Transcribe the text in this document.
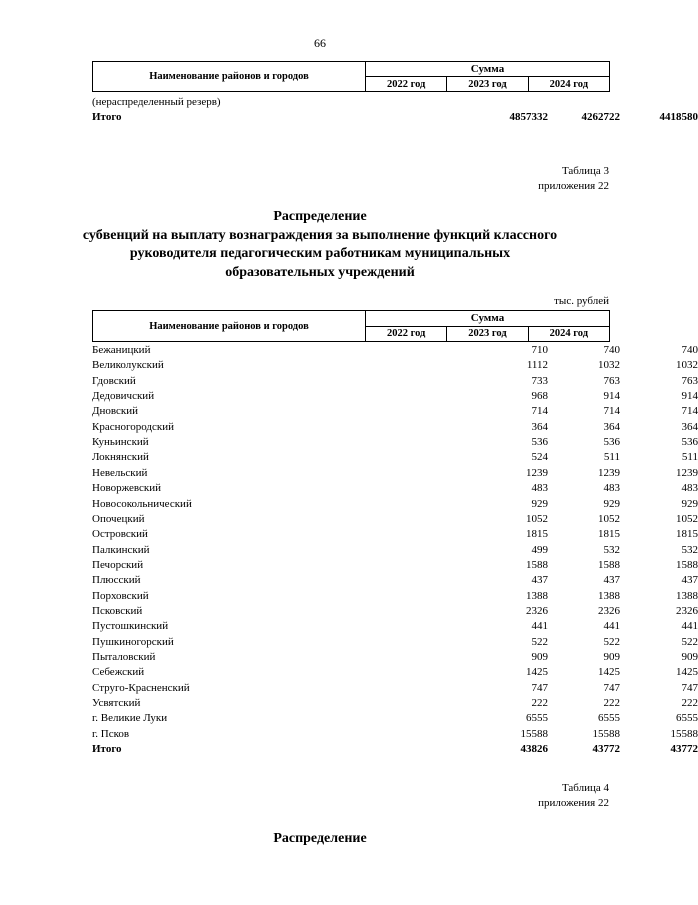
66
Наименование районов и городов	Сумма		
	2022 год	2023 год	2024 год
(нераспределенный резерв)
Итого	4857332	4262722	4418580
Таблица 3
приложения 22
Распределение
субвенций на выплату вознаграждения за выполнение функций классного
руководителя педагогическим работникам муниципальных
образовательных учреждений
тыс. рублей
Наименование районов и городов	Сумма		
	2022 год	2023 год	2024 год
Бежаницкий	710	740	740
Великолукский	1112	1032	1032
Гдовский	733	763	763
Дедовичский	968	914	914
Дновский	714	714	714
Красногородский	364	364	364
Куньинский	536	536	536
Локнянский	524	511	511
Невельский	1239	1239	1239
Новоржевский	483	483	483
Новосокольнический	929	929	929
Опочецкий	1052	1052	1052
Островский	1815	1815	1815
Палкинский	499	532	532
Печорский	1588	1588	1588
Плюсский	437	437	437
Порховский	1388	1388	1388
Псковский	2326	2326	2326
Пустошкинский	441	441	441
Пушкиногорский	522	522	522
Пыталовский	909	909	909
Себежский	1425	1425	1425
Струго-Красненский	747	747	747
Усвятский	222	222	222
г. Великие Луки	6555	6555	6555
г. Псков	15588	15588	15588
Итого	43826	43772	43772
Таблица 4
приложения 22
Распределение
